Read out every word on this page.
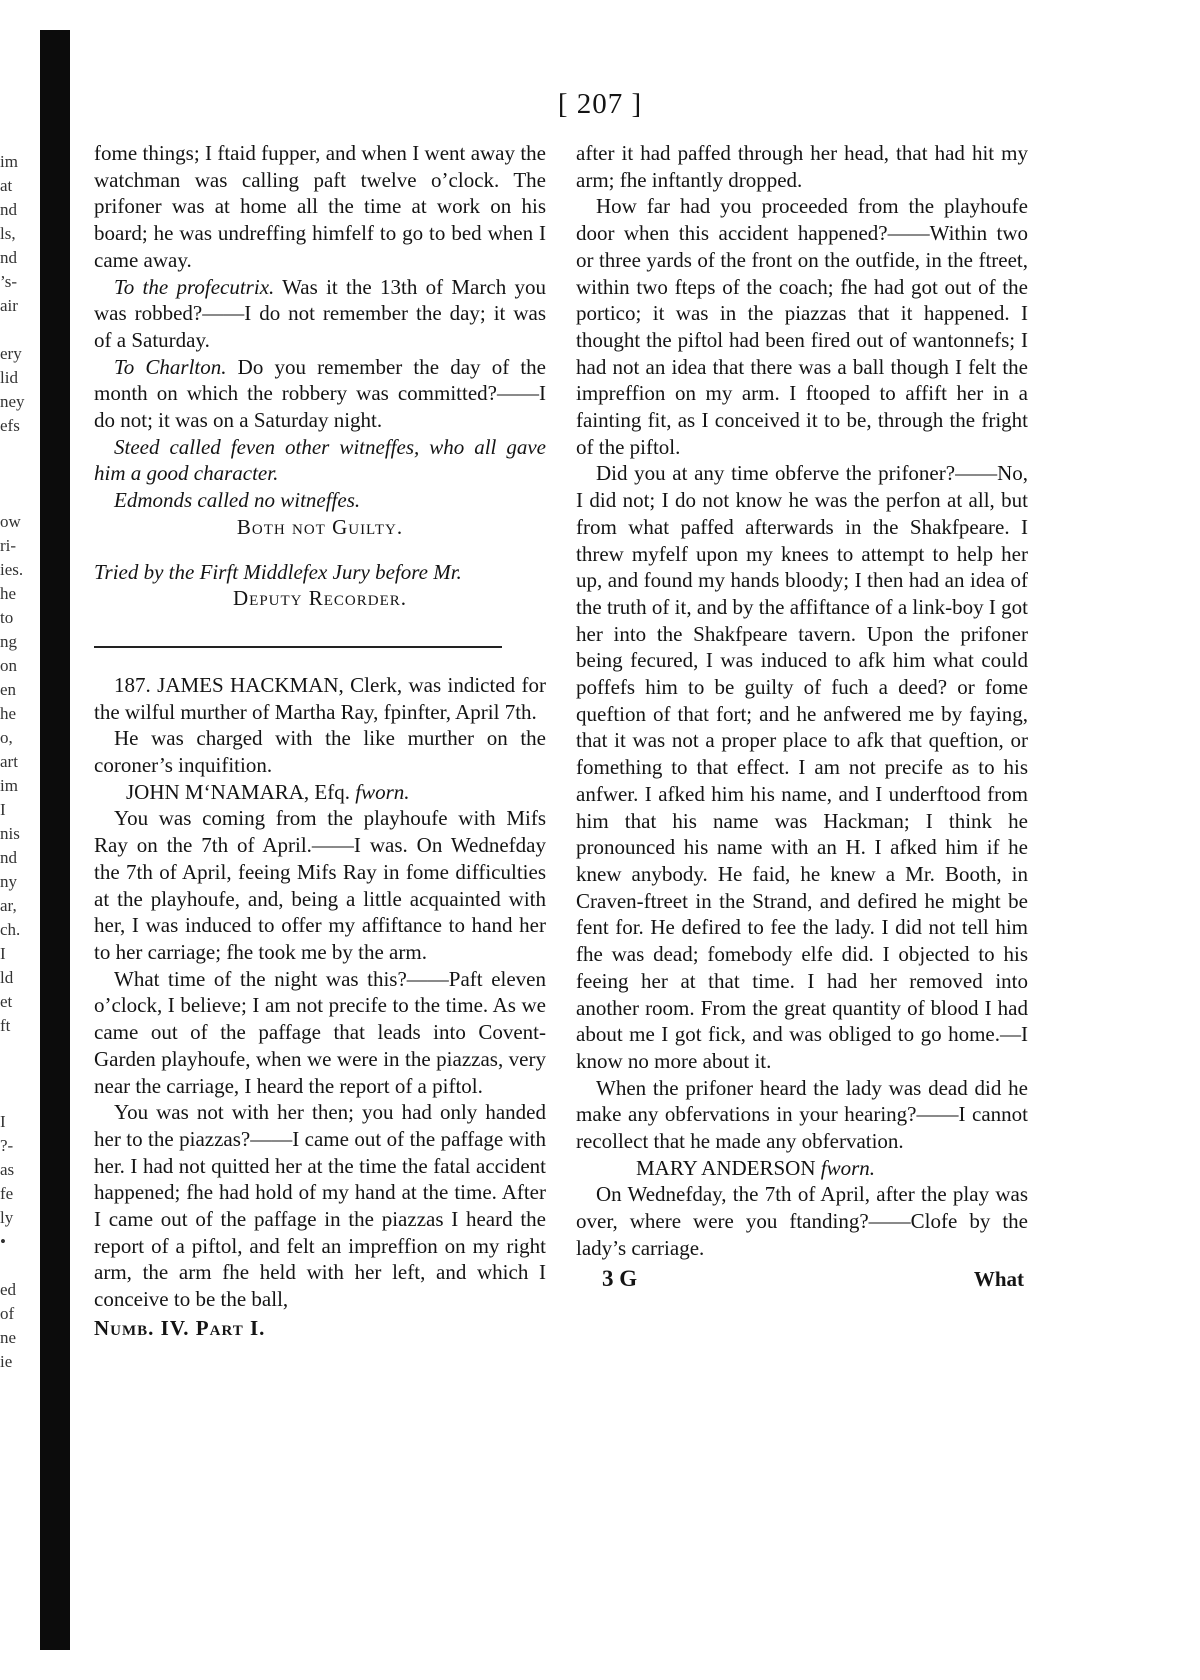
im
at
nd
ls,
nd
’s-
air
ery
lid
ney
efs
ow
ri-
ies.
he
to
ng
on
en
he
o,
art
im
I
nis
nd
ny
ar,
ch.
I
ld
et
ft
I
?-
as
fe
ly
•
ed
of
ne
ie
[ 207 ]

fome things; I ftaid fupper, and when I went away the watchman was calling paft twelve o’clock. The prifoner was at home all the time at work on his board; he was undreffing himfelf to go to bed when I came away.

To the profecutrix. Was it the 13th of March you was robbed?——I do not remember the day; it was of a Saturday.

To Charlton. Do you remember the day of the month on which the robbery was committed?——I do not; it was on a Saturday night.

Steed called feven other witneffes, who all gave him a good character.

Edmonds called no witneffes.

Both not Guilty.

Tried by the Firft Middlefex Jury before Mr.

Deputy Recorder.

187. JAMES HACKMAN, Clerk, was indicted for the wilful murther of Martha Ray, fpinfter, April 7th.

He was charged with the like murther on the coroner’s inquifition.

JOHN M‘NAMARA, Efq. fworn.

You was coming from the playhoufe with Mifs Ray on the 7th of April.——I was. On Wednefday the 7th of April, feeing Mifs Ray in fome difficulties at the playhoufe, and, being a little acquainted with her, I was induced to offer my affiftance to hand her to her carriage; fhe took me by the arm.

What time of the night was this?——Paft eleven o’clock, I believe; I am not precife to the time. As we came out of the paffage that leads into Covent-Garden playhoufe, when we were in the piazzas, very near the carriage, I heard the report of a piftol.

You was not with her then; you had only handed her to the piazzas?——I came out of the paffage with her. I had not quitted her at the time the fatal accident happened; fhe had hold of my hand at the time. After I came out of the paffage in the piazzas I heard the report of a piftol, and felt an impreffion on my right arm, the arm fhe held with her left, and which I conceive to be the ball,

Numb. IV. Part I.

after it had paffed through her head, that had hit my arm; fhe inftantly dropped.

How far had you proceeded from the playhoufe door when this accident happened?——Within two or three yards of the front on the outfide, in the ftreet, within two fteps of the coach; fhe had got out of the portico; it was in the piazzas that it happened. I thought the piftol had been fired out of wantonnefs; I had not an idea that there was a ball though I felt the impreffion on my arm. I ftooped to affift her in a fainting fit, as I conceived it to be, through the fright of the piftol.

Did you at any time obferve the prifoner?——No, I did not; I do not know he was the perfon at all, but from what paffed afterwards in the Shakfpeare. I threw myfelf upon my knees to attempt to help her up, and found my hands bloody; I then had an idea of the truth of it, and by the affiftance of a link-boy I got her into the Shakfpeare tavern. Upon the prifoner being fecured, I was induced to afk him what could poffefs him to be guilty of fuch a deed? or fome queftion of that fort; and he anfwered me by faying, that it was not a proper place to afk that queftion, or fomething to that effect. I am not precife as to his anfwer. I afked him his name, and I underftood from him that his name was Hackman; I think he pronounced his name with an H. I afked him if he knew anybody. He faid, he knew a Mr. Booth, in Craven-ftreet in the Strand, and defired he might be fent for. He defired to fee the lady. I did not tell him fhe was dead; fomebody elfe did. I objected to his feeing her at that time. I had her removed into another room. From the great quantity of blood I had about me I got fick, and was obliged to go home.—I know no more about it.

When the prifoner heard the lady was dead did he make any obfervations in your hearing?——I cannot recollect that he made any obfervation.

MARY ANDERSON fworn.

On Wednefday, the 7th of April, after the play was over, where were you ftanding?——Clofe by the lady’s carriage.

3 G	What
